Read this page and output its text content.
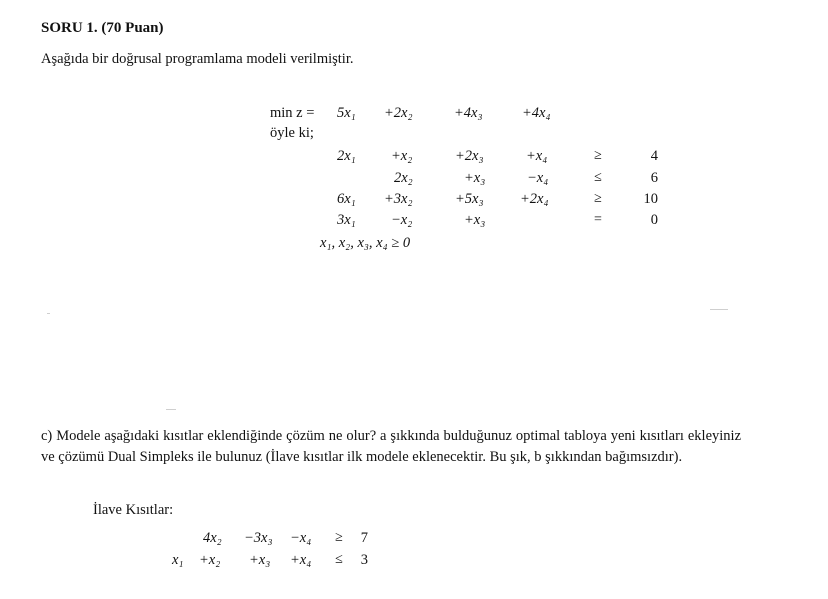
SORU 1. (70 Puan)
Aşağıda bir doğrusal programlama modeli verilmiştir.
min z = 5x₁ +2x₂	+4x₃	+4x₄
öyle ki;
2x₁ +x₂	+2x₃	+x₄	≥	4
2x₂	+x₃	−x₄	≤	6
6x₁ +3x₂	+5x₃	+2x₄	≥	10
3x₁ −x₂	+x₃	=	0
x₁, x₂, x₃, x₄ ≥ 0
c) Modele aşağıdaki kısıtlar eklendiğinde çözüm ne olur? a şıkkında bulduğunuz optimal tabloya yeni kısıtları ekleyiniz ve çözümü Dual Simpleks ile bulunuz (İlave kısıtlar ilk modele eklenecektir. Bu şık, b şıkkından bağımsızdır).
İlave Kısıtlar:
4x₂ −3x₃ −x₄ ≥	7
x₁ +x₂ +x₃ +x₄ ≤	3
